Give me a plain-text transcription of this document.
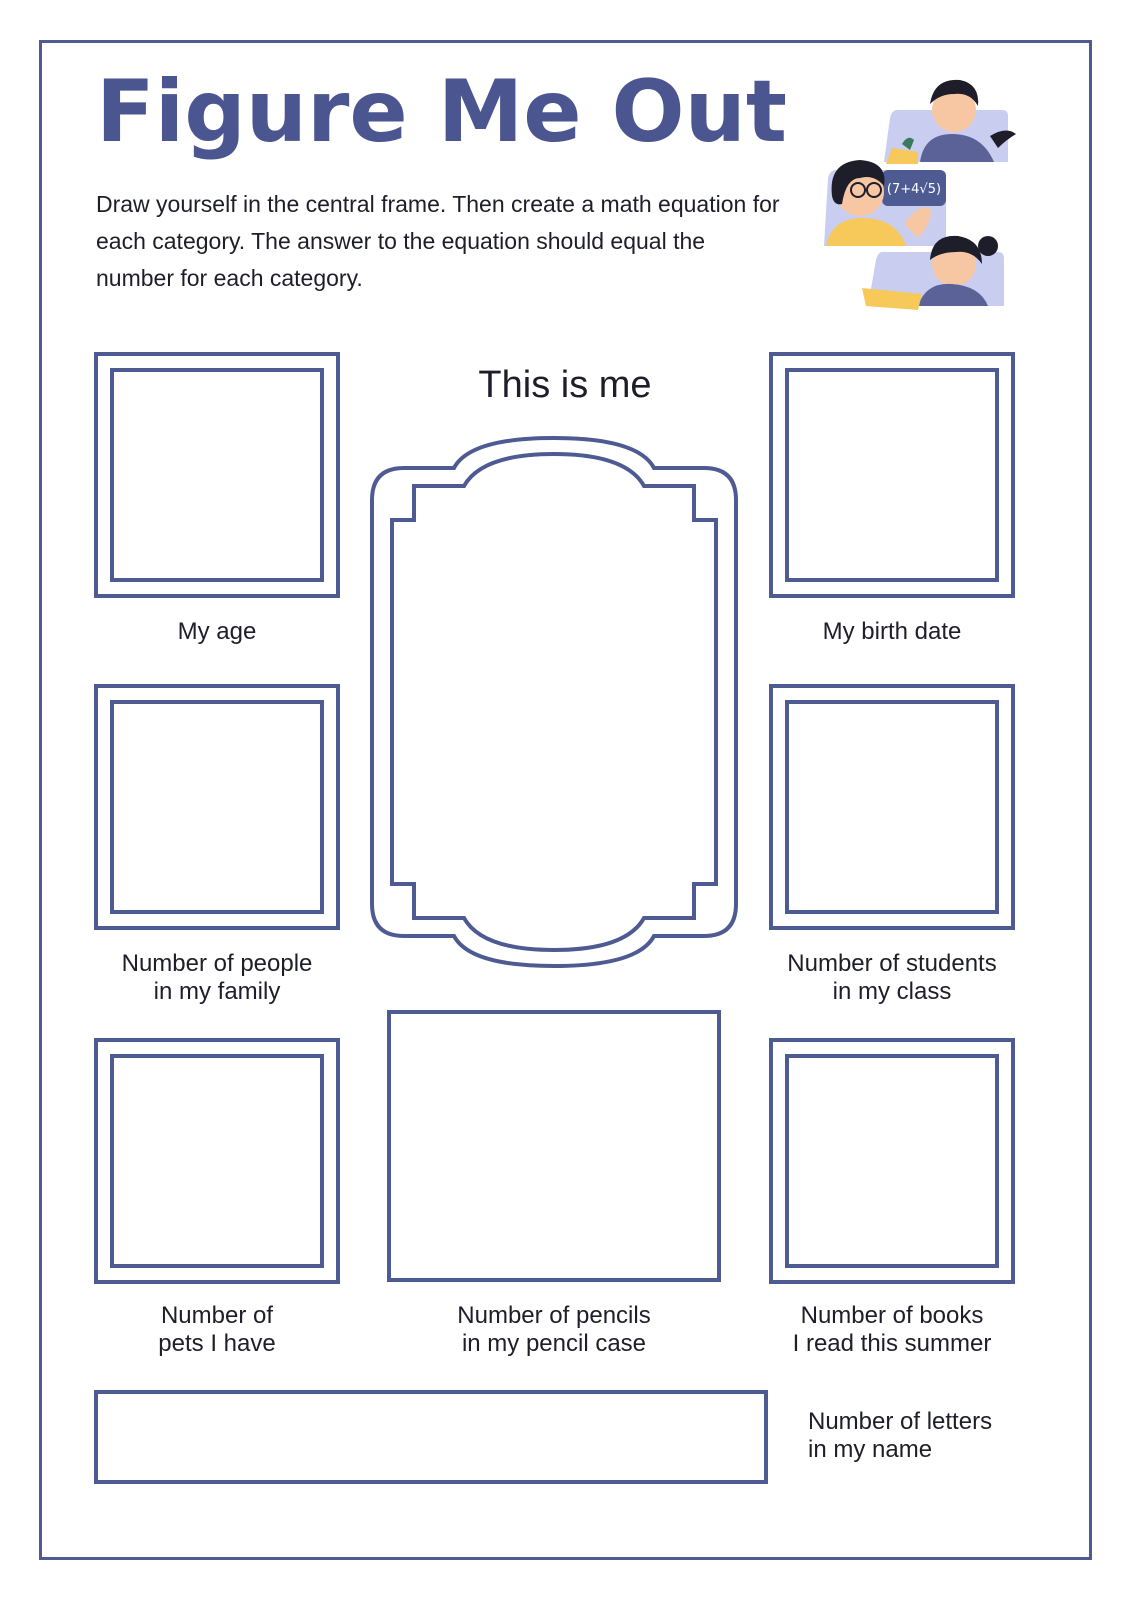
Figure Me Out

Draw yourself in the central frame. Then create a math equation for each category. The answer to the equation should equal the number for each category.

(7+4√5)
My age
Number of people
in my family
Number of
pets I have
My birth date
Number of students
in my class
Number of books
I read this summer
This is me
Number of pencils
in my pencil case
Number of letters
in my name
